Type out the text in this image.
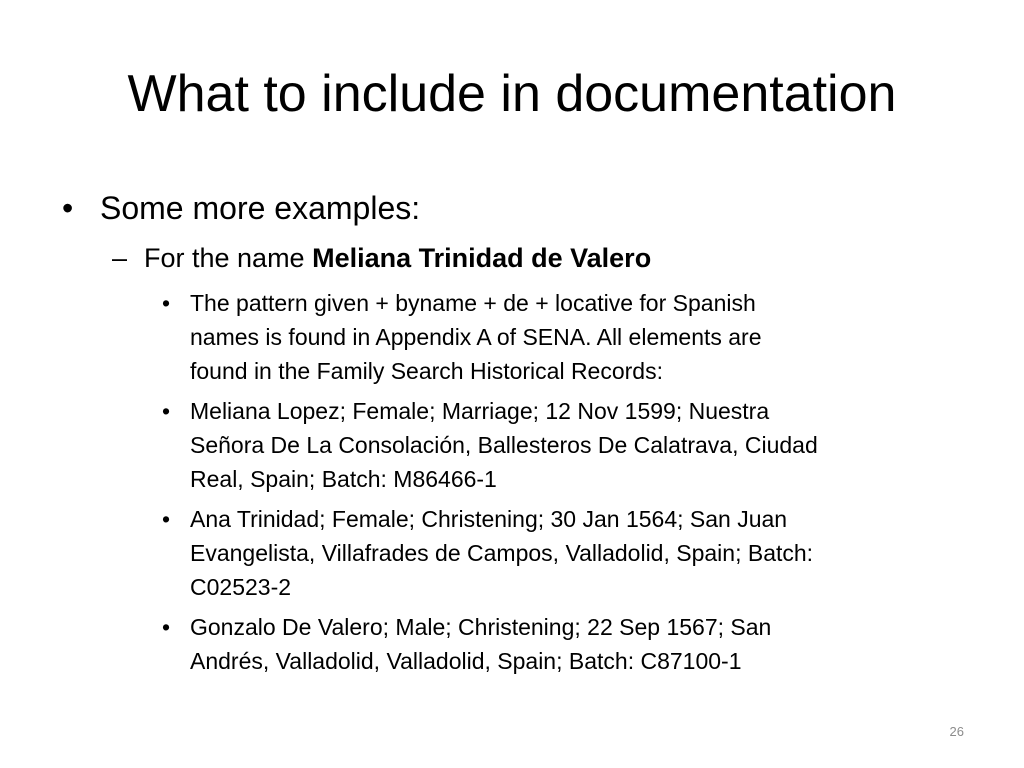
What to include in documentation
• Some more examples:
– For the name Meliana Trinidad de Valero
• The pattern given + byname + de + locative for Spanish
names is found in Appendix A of SENA. All elements are
found in the Family Search Historical Records:
• Meliana Lopez; Female; Marriage; 12 Nov 1599; Nuestra
Señora De La Consolación, Ballesteros De Calatrava, Ciudad
Real, Spain; Batch: M86466-1
• Ana Trinidad; Female; Christening; 30 Jan 1564; San Juan
Evangelista, Villafrades de Campos, Valladolid, Spain; Batch:
C02523-2
• Gonzalo De Valero; Male; Christening; 22 Sep 1567; San
Andrés, Valladolid, Valladolid, Spain; Batch: C87100-1
26
